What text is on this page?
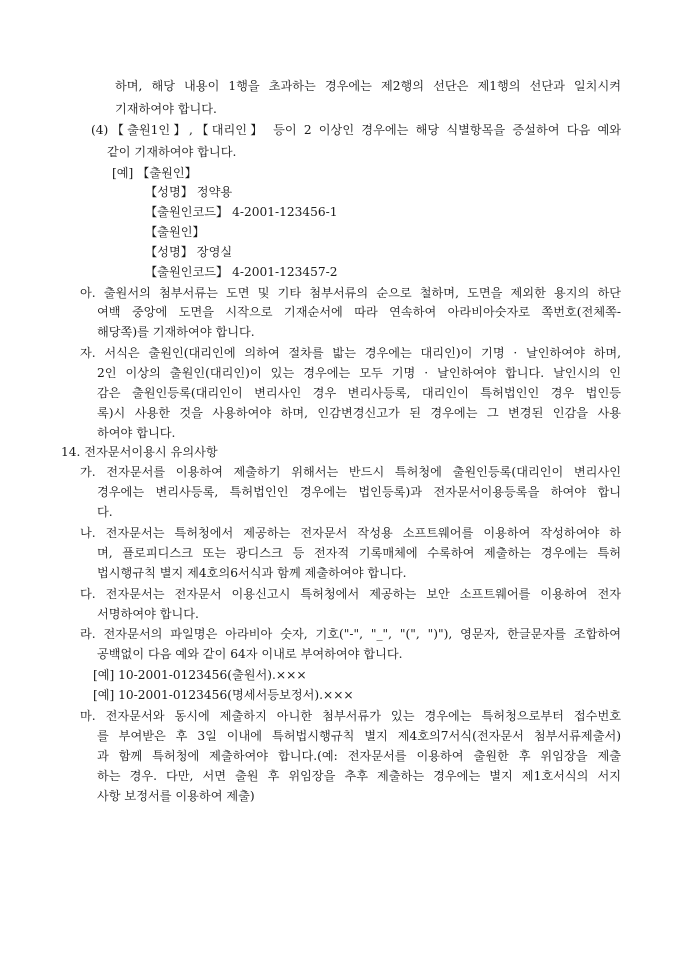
하며, 해당 내용이 1행을 초과하는 경우에는 제2행의 선단은 제1행의 선단과 일치시켜
기재하여야 합니다.
(4)【출원1인】,【대리인】 등이 2 이상인 경우에는 해당 식별항목을 증설하여 다음 예와
같이 기재하여야 합니다.
[예] 【출원인】
【성명】 정약용
【출원인코드】 4-2001-123456-1
【출원인】
【성명】 장영실
【출원인코드】 4-2001-123457-2
아. 출원서의 첨부서류는 도면 및 기타 첨부서류의 순으로 철하며, 도면을 제외한 용지의 하단
여백 중앙에 도면을 시작으로 기재순서에 따라 연속하여 아라비아숫자로 쪽번호(전체쪽-
해당쪽)를 기재하여야 합니다.
자. 서식은 출원인(대리인에 의하여 절차를 밟는 경우에는 대리인)이 기명 · 날인하여야 하며,
2인 이상의 출원인(대리인)이 있는 경우에는 모두 기명 · 날인하여야 합니다. 날인시의 인
감은 출원인등록(대리인이 변리사인 경우 변리사등록, 대리인이 특허법인인 경우 법인등
록)시 사용한 것을 사용하여야 하며, 인감변경신고가 된 경우에는 그 변경된 인감을 사용
하여야 합니다.
14. 전자문서이용시 유의사항
가. 전자문서를 이용하여 제출하기 위해서는 반드시 특허청에 출원인등록(대리인이 변리사인
경우에는 변리사등록, 특허법인인 경우에는 법인등록)과 전자문서이용등록을 하여야 합니
다.
나. 전자문서는 특허청에서 제공하는 전자문서 작성용 소프트웨어를 이용하여 작성하여야 하
며, 플로피디스크 또는 광디스크 등 전자적 기록매체에 수록하여 제출하는 경우에는 특허
법시행규칙 별지 제4호의6서식과 함께 제출하여야 합니다.
다. 전자문서는 전자문서 이용신고시 특허청에서 제공하는 보안 소프트웨어를 이용하여 전자
서명하여야 합니다.
라. 전자문서의 파일명은 아라비아 숫자, 기호("-", "_", "(", ")"), 영문자, 한글문자를 조합하여
공백없이 다음 예와 같이 64자 이내로 부여하여야 합니다.
[예] 10-2001-0123456(출원서).×××
[예] 10-2001-0123456(명세서등보정서).×××
마. 전자문서와 동시에 제출하지 아니한 첨부서류가 있는 경우에는 특허청으로부터 접수번호
를 부여받은 후 3일 이내에 특허법시행규칙 별지 제4호의7서식(전자문서 첨부서류제출서)
과 함께 특허청에 제출하여야 합니다.(예: 전자문서를 이용하여 출원한 후 위임장을 제출
하는 경우. 다만, 서면 출원 후 위임장을 추후 제출하는 경우에는 별지 제1호서식의 서지
사항 보정서를 이용하여 제출)
